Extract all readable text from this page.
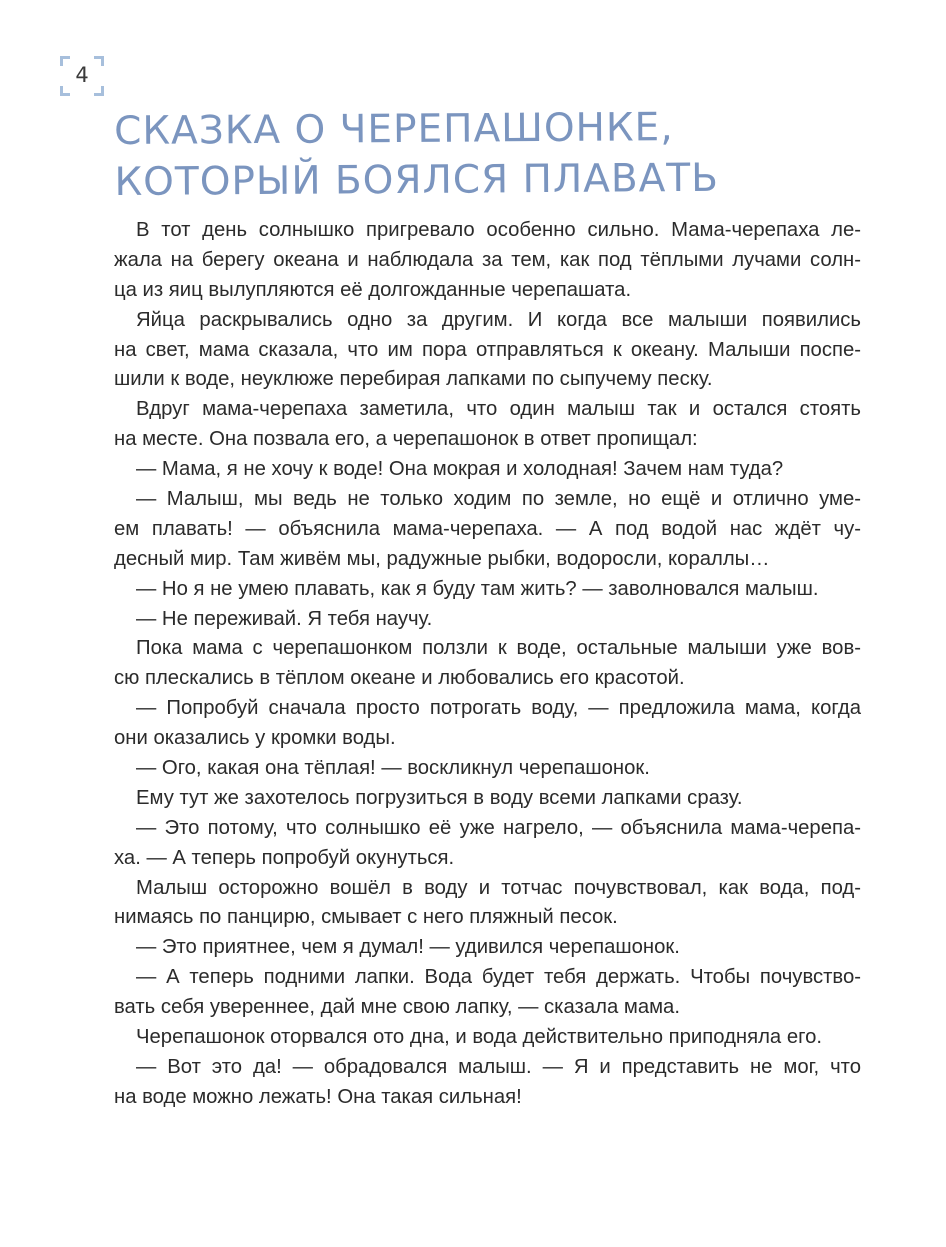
4
СКАЗКА О ЧЕРЕПАШОНКЕ,
КОТОРЫЙ БОЯЛСЯ ПЛАВАТЬ
В тот день солнышко пригревало особенно сильно. Мама-черепаха ле-
жала на берегу океана и наблюдала за тем, как под тёплыми лучами солн-
ца из яиц вылупляются её долгожданные черепашата.
Яйца раскрывались одно за другим. И когда все малыши появились
на свет, мама сказала, что им пора отправляться к океану. Малыши поспе-
шили к воде, неуклюже перебирая лапками по сыпучему песку.
Вдруг мама-черепаха заметила, что один малыш так и остался стоять
на месте. Она позвала его, а черепашонок в ответ пропищал:
— Мама, я не хочу к воде! Она мокрая и холодная! Зачем нам туда?
— Малыш, мы ведь не только ходим по земле, но ещё и отлично уме-
ем плавать! — объяснила мама-черепаха. — А под водой нас ждёт чу-
десный мир. Там живём мы, радужные рыбки, водоросли, кораллы…
— Но я не умею плавать, как я буду там жить? — заволновался малыш.
— Не переживай. Я тебя научу.
Пока мама с черепашонком ползли к воде, остальные малыши уже вов-
сю плескались в тёплом океане и любовались его красотой.
— Попробуй сначала просто потрогать воду, — предложила мама, когда
они оказались у кромки воды.
— Ого, какая она тёплая! — воскликнул черепашонок.
Ему тут же захотелось погрузиться в воду всеми лапками сразу.
— Это потому, что солнышко её уже нагрело, — объяснила мама-черепа-
ха. — А теперь попробуй окунуться.
Малыш осторожно вошёл в воду и тотчас почувствовал, как вода, под-
нимаясь по панцирю, смывает с него пляжный песок.
— Это приятнее, чем я думал! — удивился черепашонок.
— А теперь подними лапки. Вода будет тебя держать. Чтобы почувство-
вать себя увереннее, дай мне свою лапку, — сказала мама.
Черепашонок оторвался ото дна, и вода действительно приподняла его.
— Вот это да! — обрадовался малыш. — Я и представить не мог, что
на воде можно лежать! Она такая сильная!
